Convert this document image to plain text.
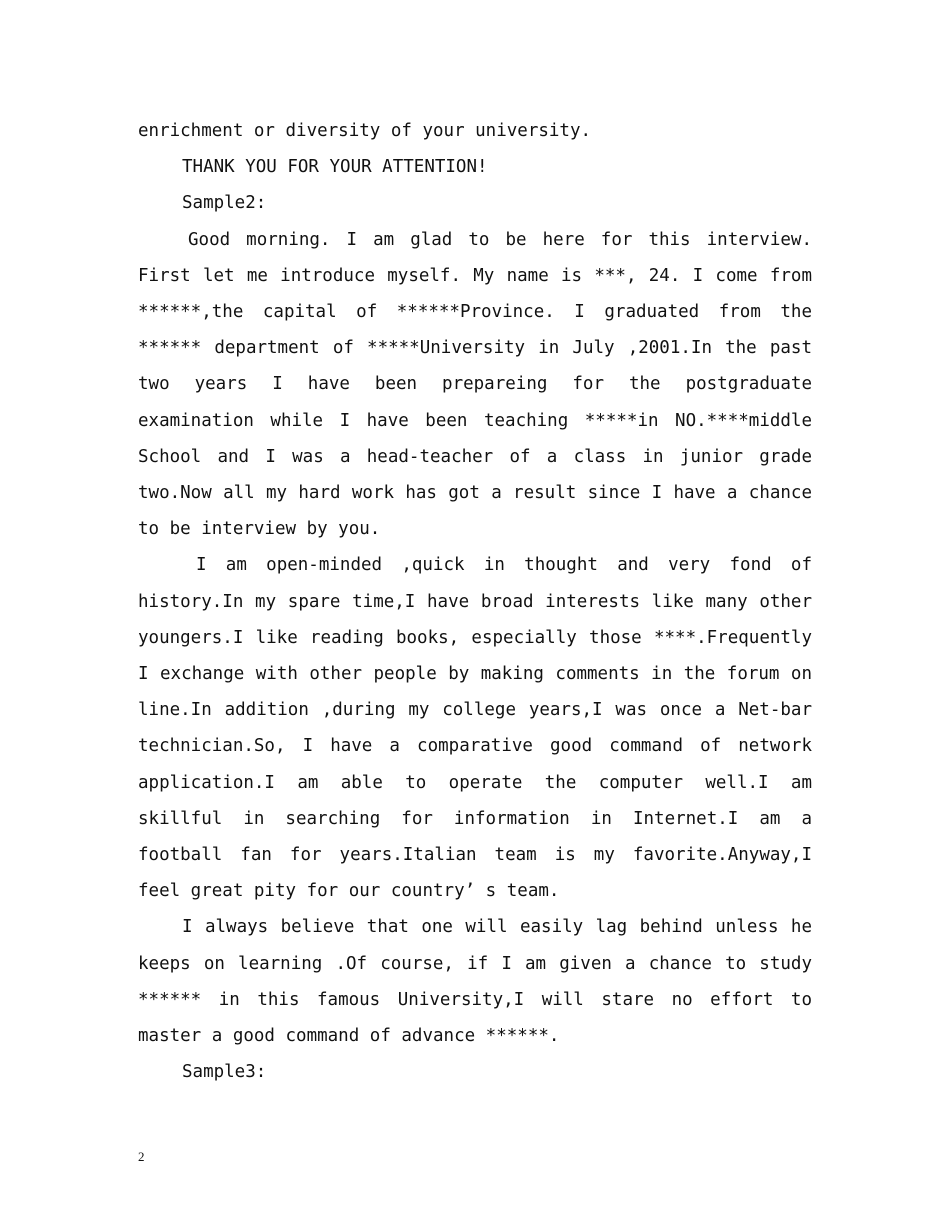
enrichment or diversity of your university.

THANK YOU FOR YOUR ATTENTION!

Sample2:

Good morning. I am glad to be here for this interview. First let me introduce myself. My name is ***, 24. I come from ******,the capital of ******Province. I graduated from the ****** department of *****University in July ,2001.In the past two years I have been prepareing for the postgraduate examination while I have been teaching *****in NO.****middle School and I was a head-teacher of a class in junior grade two.Now all my hard work has got a result since I have a chance to be interview by you.

I am open-minded ,quick in thought and very fond of history.In my spare time,I have broad interests like many other youngers.I like reading books, especially those ****.Frequently I exchange with other people by making comments in the forum on line.In addition ,during my college years,I was once a Net-bar technician.So, I have a comparative good command of network application.I am able to operate the computer well.I am skillful in searching for information in Internet.I am a football fan for years.Italian team is my favorite.Anyway,I feel great pity for our country’ s team.

I always believe that one will easily lag behind unless he keeps on learning .Of course, if I am given a chance to study ****** in this famous University,I will stare no effort to master a good command of advance ******.

Sample3:

2
